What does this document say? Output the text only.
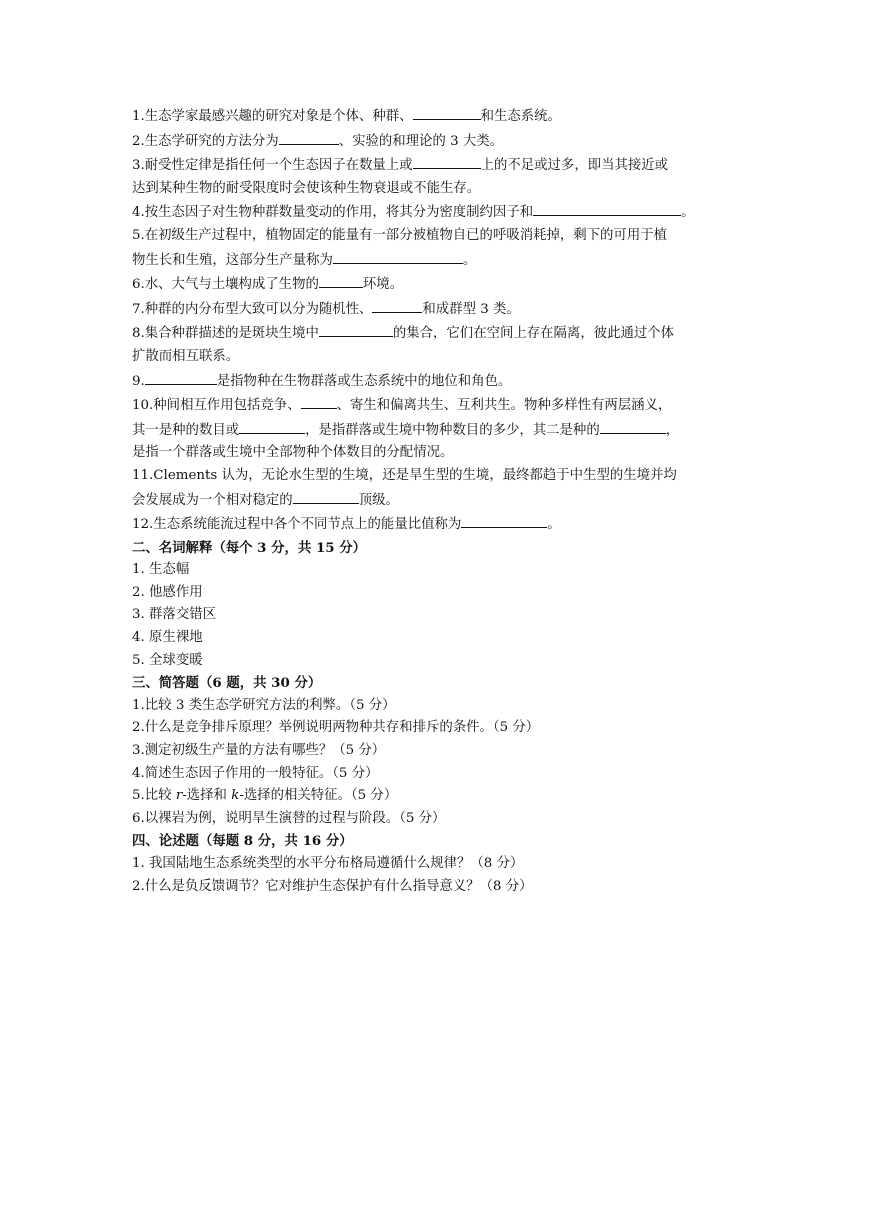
1.生态学家最感兴趣的研究对象是个体、种群、	和生态系统。
2.生态学研究的方法分为	、实验的和理论的 3 大类。
3.耐受性定律是指任何一个生态因子在数量上或	上的不足或过多，即当其接近或
达到某种生物的耐受限度时会使该种生物衰退或不能生存。
4.按生态因子对生物种群数量变动的作用，将其分为密度制约因子和	。
5.在初级生产过程中，植物固定的能量有一部分被植物自已的呼吸消耗掉，剩下的可用于植
物生长和生殖，这部分生产量称为	。
6.水、大气与土壤构成了生物的	环境。
7.种群的内分布型大致可以分为随机性、	和成群型 3 类。
8.集合种群描述的是斑块生境中	的集合，它们在空间上存在隔离，彼此通过个体
扩散而相互联系。
9.	是指物种在生物群落或生态系统中的地位和角色。
10.种间相互作用包括竞争、	、寄生和偏离共生、互利共生。物种多样性有两层涵义，
其一是种的数目或	，是指群落或生境中物种数目的多少，其二是种的	，
是指一个群落或生境中全部物种个体数目的分配情况。
11.Clements 认为，无论水生型的生境，还是旱生型的生境，最终都趋于中生型的生境并均
会发展成为一个相对稳定的	顶级。
12.生态系统能流过程中各个不同节点上的能量比值称为	。
二、名词解释（每个 3 分，共 15 分）
1. 生态幅
2. 他感作用
3. 群落交错区
4. 原生裸地
5. 全球变暖
三、简答题（6 题，共 30 分）
1.比较 3 类生态学研究方法的利弊。（5 分）
2.什么是竞争排斥原理？举例说明两物种共存和排斥的条件。（5 分）
3.测定初级生产量的方法有哪些？（5 分）
4.简述生态因子作用的一般特征。（5 分）
5.比较 r-选择和 k-选择的相关特征。（5 分）
6.以裸岩为例，说明旱生演替的过程与阶段。（5 分）
四、论述题（每题 8 分，共 16 分）
1. 我国陆地生态系统类型的水平分布格局遵循什么规律？（8 分）
2.什么是负反馈调节？它对维护生态保护有什么指导意义？（8 分）
